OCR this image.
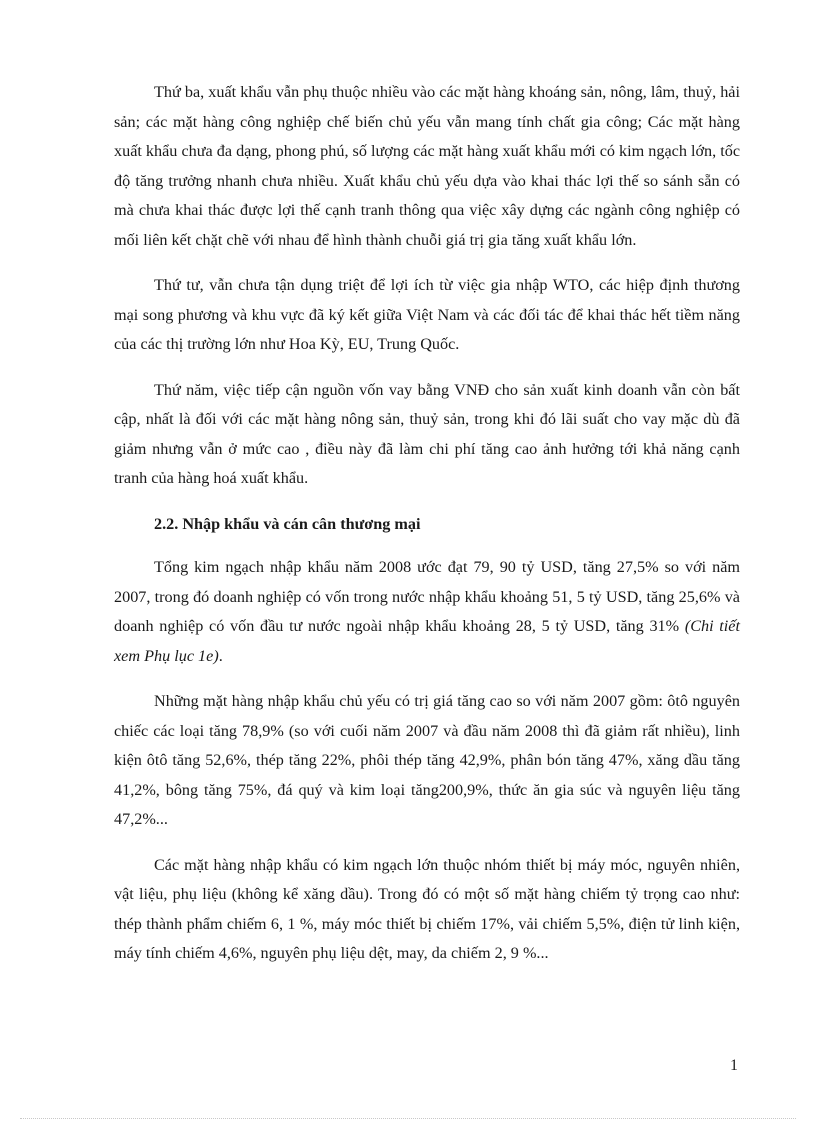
Thứ ba, xuất khẩu vẫn phụ thuộc nhiều vào các mặt hàng khoáng sản, nông, lâm, thuỷ, hải sản; các mặt hàng công nghiệp chế biến chủ yếu vẫn mang tính chất gia công; Các mặt hàng xuất khẩu chưa đa dạng, phong phú, số lượng các mặt hàng xuất khẩu mới có kim ngạch lớn, tốc độ tăng trưởng nhanh chưa nhiều. Xuất khẩu chủ yếu dựa vào khai thác lợi thế so sánh sẵn có mà chưa khai thác được lợi thế cạnh tranh thông qua việc xây dựng các ngành công nghiệp có mối liên kết chặt chẽ với nhau để hình thành chuỗi giá trị gia tăng xuất khẩu lớn.

Thứ tư, vẫn chưa tận dụng triệt để lợi ích từ việc gia nhập WTO, các hiệp định thương mại song phương và khu vực đã ký kết giữa Việt Nam và các đối tác để khai thác hết tiềm năng của các thị trường lớn như Hoa Kỳ, EU, Trung Quốc.

Thứ năm, việc tiếp cận nguồn vốn vay bằng VNĐ cho sản xuất kinh doanh vẫn còn bất cập, nhất là đối với các mặt hàng nông sản, thuỷ sản, trong khi đó lãi suất cho vay mặc dù đã giảm nhưng vẫn ở mức cao , điều này đã làm chi phí tăng cao ảnh hưởng tới khả năng cạnh tranh của hàng hoá xuất khẩu.

2.2. Nhập khẩu và cán cân thương mại

Tổng kim ngạch nhập khẩu năm 2008 ước đạt 79, 90 tỷ USD, tăng 27,5% so với năm 2007, trong đó doanh nghiệp có vốn trong nước nhập khẩu khoảng 51, 5 tỷ USD, tăng 25,6% và doanh nghiệp có vốn đầu tư nước ngoài nhập khẩu khoảng 28, 5 tỷ USD, tăng 31% (Chi tiết xem Phụ lục 1e).

Những mặt hàng nhập khẩu chủ yếu có trị giá tăng cao so với năm 2007 gồm: ôtô nguyên chiếc các loại tăng 78,9% (so với cuối năm 2007 và đầu năm 2008 thì đã giảm rất nhiều), linh kiện ôtô tăng 52,6%, thép tăng 22%, phôi thép tăng 42,9%, phân bón tăng 47%, xăng dầu tăng 41,2%, bông tăng 75%, đá quý và kim loại tăng200,9%, thức ăn gia súc và nguyên liệu tăng 47,2%...

Các mặt hàng nhập khẩu có kim ngạch lớn thuộc nhóm thiết bị máy móc, nguyên nhiên, vật liệu, phụ liệu (không kể xăng dầu). Trong đó có một số mặt hàng chiếm tỷ trọng cao như: thép thành phẩm chiếm 6, 1 %, máy móc thiết bị chiếm 17%, vải chiếm 5,5%, điện tử linh kiện, máy tính chiếm 4,6%, nguyên phụ liệu dệt, may, da chiếm 2, 9 %...

1
